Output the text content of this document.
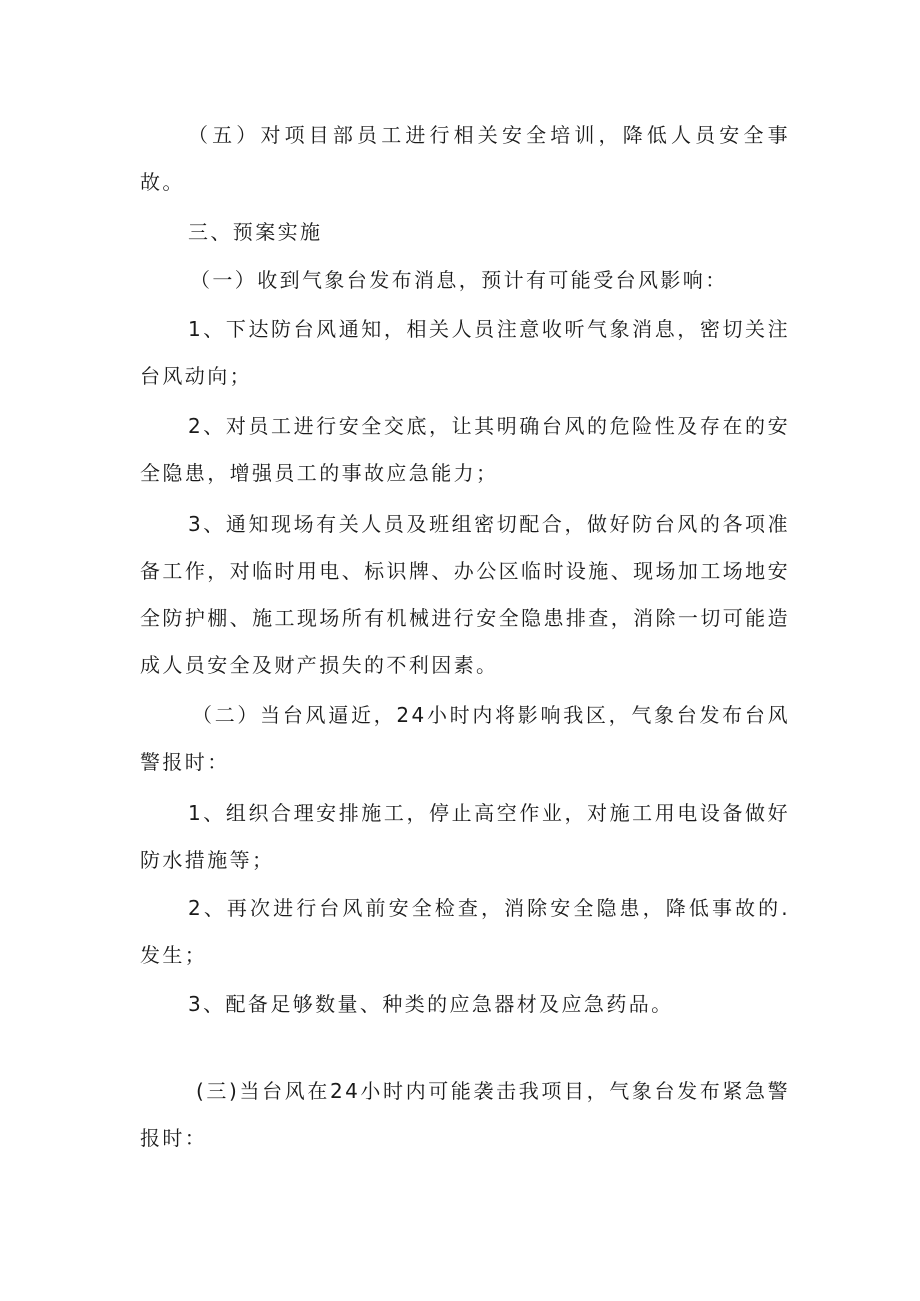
（五）对项目部员工进行相关安全培训，降低人员安全事故。

三、预案实施

（一）收到气象台发布消息，预计有可能受台风影响：

1、下达防台风通知，相关人员注意收听气象消息，密切关注台风动向；

2、对员工进行安全交底，让其明确台风的危险性及存在的安全隐患，增强员工的事故应急能力；

3、通知现场有关人员及班组密切配合，做好防台风的各项准备工作，对临时用电、标识牌、办公区临时设施、现场加工场地安全防护棚、施工现场所有机械进行安全隐患排查，消除一切可能造成人员安全及财产损失的不利因素。

（二）当台风逼近，24小时内将影响我区，气象台发布台风警报时：

1、组织合理安排施工，停止高空作业，对施工用电设备做好防水措施等；

2、再次进行台风前安全检查，消除安全隐患，降低事故的.发生；

3、配备足够数量、种类的应急器材及应急药品。

(三)当台风在24小时内可能袭击我项目，气象台发布紧急警报时：
